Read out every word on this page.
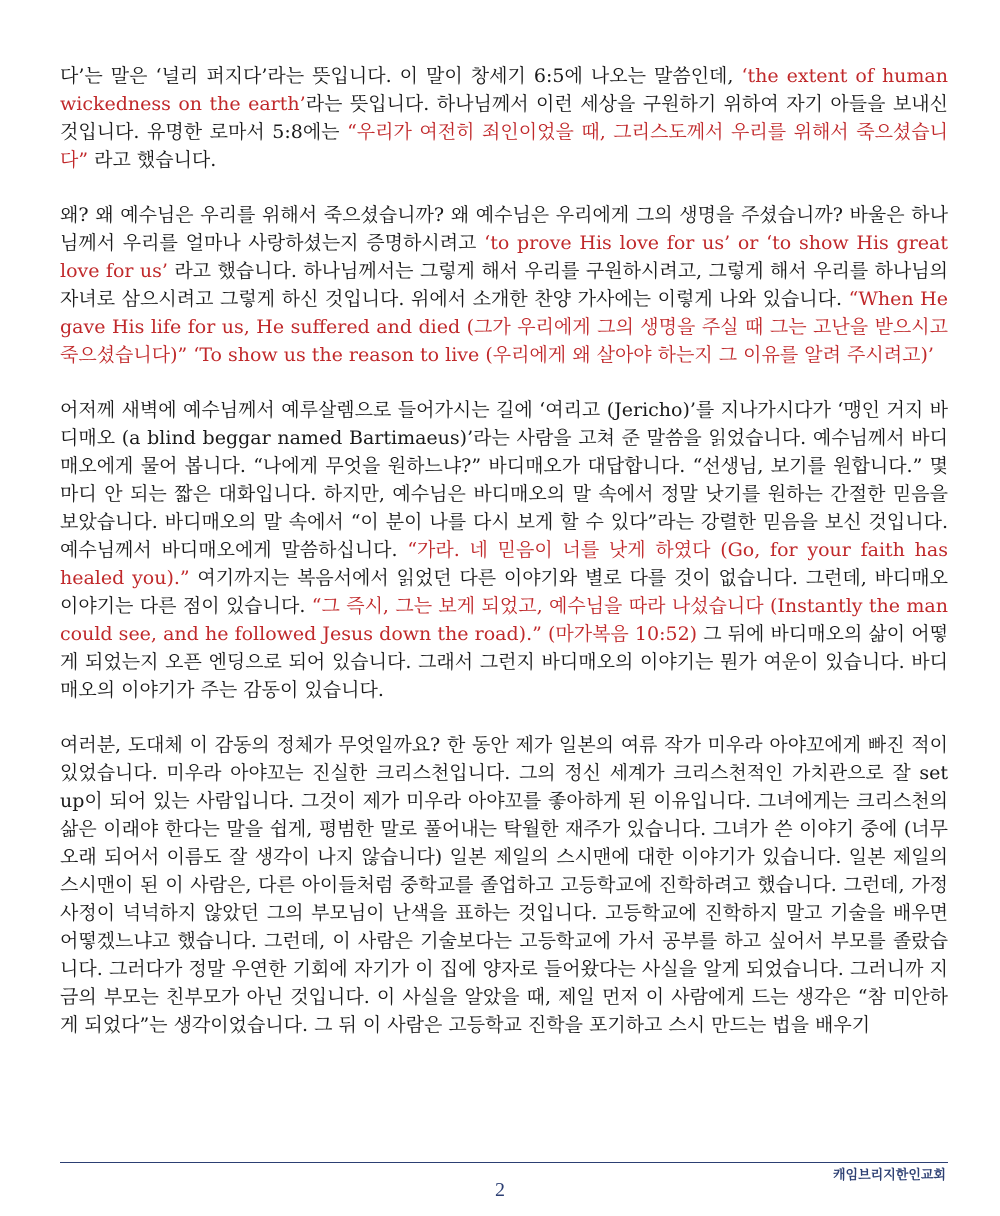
다’는 말은 ‘널리 퍼지다’라는 뜻입니다. 이 말이 창세기 6:5에 나오는 말씀인데, ‘the extent of human wickedness on the earth’라는 뜻입니다. 하나님께서 이런 세상을 구원하기 위하여 자기 아들을 보내신 것입니다. 유명한 로마서 5:8에는 “우리가 여전히 죄인이었을 때, 그리스도께서 우리를 위해서 죽으셨습니다” 라고 했습니다.

왜? 왜 예수님은 우리를 위해서 죽으셨습니까? 왜 예수님은 우리에게 그의 생명을 주셨습니까? 바울은 하나님께서 우리를 얼마나 사랑하셨는지 증명하시려고 ‘to prove His love for us’ or ‘to show His great love for us’ 라고 했습니다. 하나님께서는 그렇게 해서 우리를 구원하시려고, 그렇게 해서 우리를 하나님의 자녀로 삼으시려고 그렇게 하신 것입니다. 위에서 소개한 찬양 가사에는 이렇게 나와 있습니다. “When He gave His life for us, He suffered and died (그가 우리에게 그의 생명을 주실 때 그는 고난을 받으시고 죽으셨습니다)” ‘To show us the reason to live (우리에게 왜 살아야 하는지 그 이유를 알려 주시려고)’

어저께 새벽에 예수님께서 예루살렘으로 들어가시는 길에 ‘여리고 (Jericho)’를 지나가시다가 ‘맹인 거지 바디매오 (a blind beggar named Bartimaeus)’라는 사람을 고쳐 준 말씀을 읽었습니다. 예수님께서 바디매오에게 물어 봅니다. “나에게 무엇을 원하느냐?” 바디매오가 대답합니다. “선생님, 보기를 원합니다.” 몇 마디 안 되는 짧은 대화입니다. 하지만, 예수님은 바디매오의 말 속에서 정말 낫기를 원하는 간절한 믿음을 보았습니다. 바디매오의 말 속에서 “이 분이 나를 다시 보게 할 수 있다”라는 강렬한 믿음을 보신 것입니다. 예수님께서 바디매오에게 말씀하십니다. “가라. 네 믿음이 너를 낫게 하였다 (Go, for your faith has healed you).” 여기까지는 복음서에서 읽었던 다른 이야기와 별로 다를 것이 없습니다. 그런데, 바디매오 이야기는 다른 점이 있습니다. “그 즉시, 그는 보게 되었고, 예수님을 따라 나섰습니다 (Instantly the man could see, and he followed Jesus down the road).” (마가복음 10:52) 그 뒤에 바디매오의 삶이 어떻게 되었는지 오픈 엔딩으로 되어 있습니다. 그래서 그런지 바디매오의 이야기는 뭔가 여운이 있습니다. 바디매오의 이야기가 주는 감동이 있습니다.

여러분, 도대체 이 감동의 정체가 무엇일까요? 한 동안 제가 일본의 여류 작가 미우라 아야꼬에게 빠진 적이 있었습니다. 미우라 아야꼬는 진실한 크리스천입니다. 그의 정신 세계가 크리스천적인 가치관으로 잘 set up이 되어 있는 사람입니다. 그것이 제가 미우라 아야꼬를 좋아하게 된 이유입니다. 그녀에게는 크리스천의 삶은 이래야 한다는 말을 쉽게, 평범한 말로 풀어내는 탁월한 재주가 있습니다. 그녀가 쓴 이야기 중에 (너무 오래 되어서 이름도 잘 생각이 나지 않습니다) 일본 제일의 스시맨에 대한 이야기가 있습니다. 일본 제일의 스시맨이 된 이 사람은, 다른 아이들처럼 중학교를 졸업하고 고등학교에 진학하려고 했습니다. 그런데, 가정 사정이 넉넉하지 않았던 그의 부모님이 난색을 표하는 것입니다. 고등학교에 진학하지 말고 기술을 배우면 어떻겠느냐고 했습니다. 그런데, 이 사람은 기술보다는 고등학교에 가서 공부를 하고 싶어서 부모를 졸랐습니다. 그러다가 정말 우연한 기회에 자기가 이 집에 양자로 들어왔다는 사실을 알게 되었습니다. 그러니까 지금의 부모는 친부모가 아닌 것입니다. 이 사실을 알았을 때, 제일 먼저 이 사람에게 드는 생각은 “참 미안하게 되었다”는 생각이었습니다. 그 뒤 이 사람은 고등학교 진학을 포기하고 스시 만드는 법을 배우기

캐임브리지한인교회
2
